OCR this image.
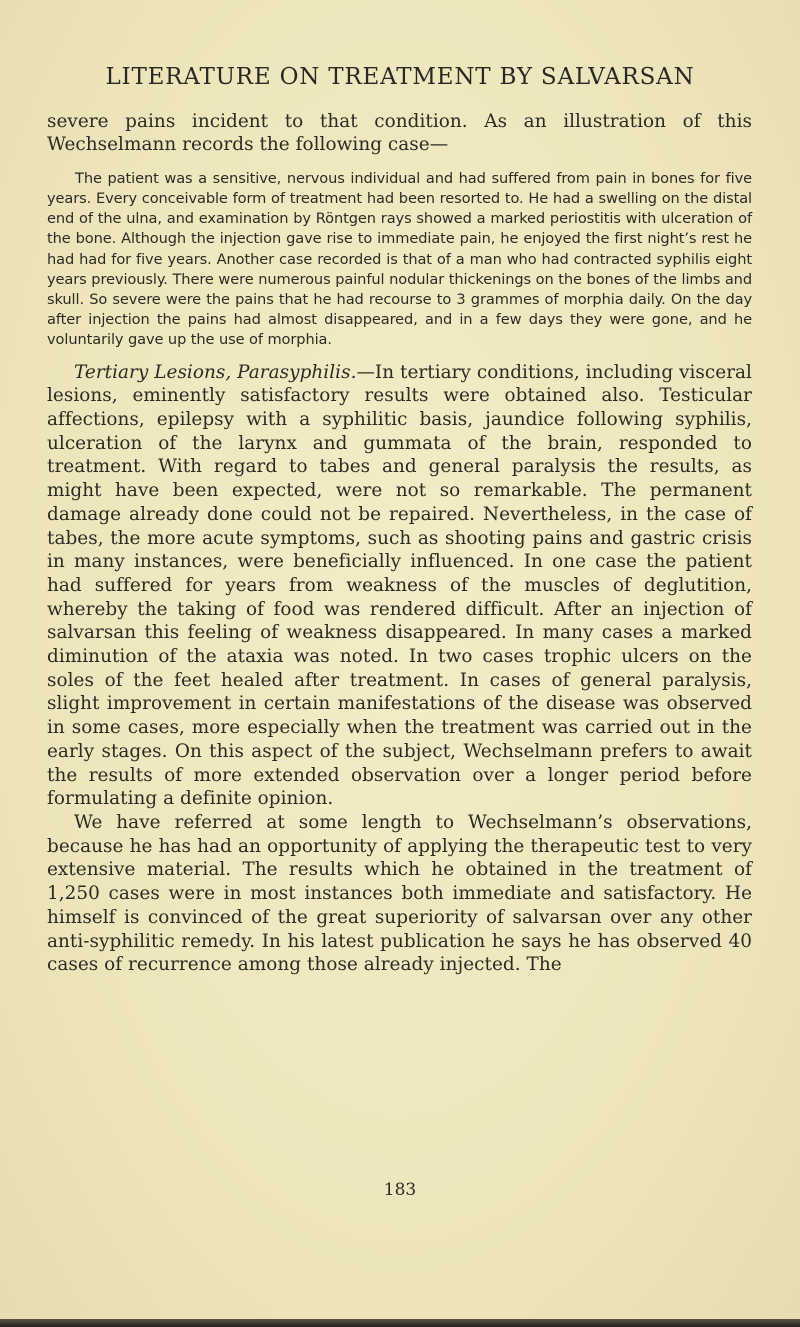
LITERATURE ON TREATMENT BY SALVARSAN

severe pains incident to that condition. As an illustration of this Wechselmann records the following case—

The patient was a sensitive, nervous individual and had suffered from pain in bones for five years. Every conceivable form of treatment had been resorted to. He had a swelling on the distal end of the ulna, and examination by Röntgen rays showed a marked periostitis with ulceration of the bone. Although the injection gave rise to immediate pain, he enjoyed the first night’s rest he had had for five years. Another case recorded is that of a man who had contracted syphilis eight years previously. There were numerous painful nodular thickenings on the bones of the limbs and skull. So severe were the pains that he had recourse to 3 grammes of morphia daily. On the day after injection the pains had almost disappeared, and in a few days they were gone, and he voluntarily gave up the use of morphia.

Tertiary Lesions, Parasyphilis.—In tertiary conditions, including visceral lesions, eminently satisfactory results were obtained also. Testicular affections, epilepsy with a syphilitic basis, jaundice following syphilis, ulceration of the larynx and gummata of the brain, responded to treatment. With regard to tabes and general paralysis the results, as might have been expected, were not so remarkable. The permanent damage already done could not be repaired. Nevertheless, in the case of tabes, the more acute symptoms, such as shooting pains and gastric crisis in many instances, were beneficially influenced. In one case the patient had suffered for years from weakness of the muscles of deglutition, whereby the taking of food was rendered difficult. After an injection of salvarsan this feeling of weakness disappeared. In many cases a marked diminution of the ataxia was noted. In two cases trophic ulcers on the soles of the feet healed after treatment. In cases of general paralysis, slight improvement in certain manifestations of the disease was observed in some cases, more especially when the treatment was carried out in the early stages. On this aspect of the subject, Wechselmann prefers to await the results of more extended observation over a longer period before formulating a definite opinion.

We have referred at some length to Wechselmann’s observations, because he has had an opportunity of applying the therapeutic test to very extensive material. The results which he obtained in the treatment of 1,250 cases were in most instances both immediate and satisfactory. He himself is convinced of the great superiority of salvarsan over any other anti-syphilitic remedy. In his latest publication he says he has observed 40 cases of recurrence among those already injected. The

183
